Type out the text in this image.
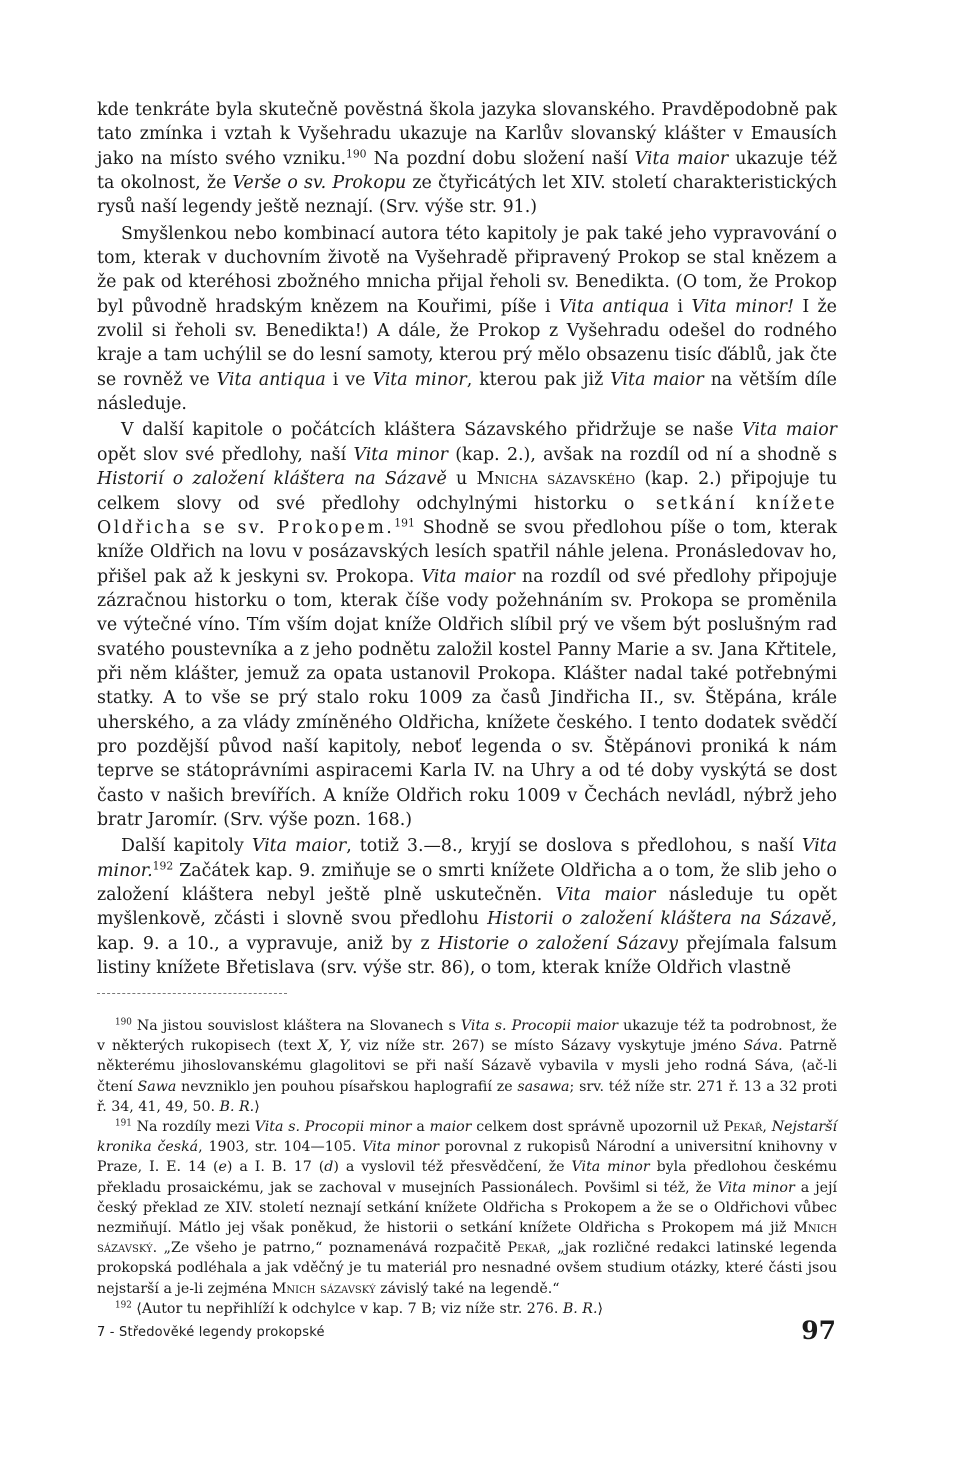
kde tenkráte byla skutečně pověstná škola jazyka slovanského. Pravděpodobně pak tato zmínka i vztah k Vyšehradu ukazuje na Karlův slovanský klášter v Emausích jako na místo svého vzniku.$^{190}$ Na pozdní dobu složení naší Vita maior ukazuje též ta okolnost, že Verše o sv. Prokopu ze čtyřicátých let XIV. století charakteristických rysů naší legendy ještě neznají. (Srv. výše str. 91.)

Smyšlenkou nebo kombinací autora této kapitoly je pak také jeho vypravování o tom, kterak v duchovním životě na Vyšehradě připravený Prokop se stal knězem a že pak od kteréhosi zbožného mnicha přijal řeholi sv. Benedikta. (O tom, že Prokop byl původně hradským knězem na Kouřimi, píše i Vita antiqua i Vita minor! I že zvolil si řeholi sv. Benedikta!) A dále, že Prokop z Vyšehradu odešel do rodného kraje a tam uchýlil se do lesní samoty, kterou prý mělo obsazenu tisíc ďáblů, jak čte se rovněž ve Vita antiqua i ve Vita minor, kterou pak již Vita maior na větším díle následuje.

V další kapitole o počátcích kláštera Sázavského přidržuje se naše Vita maior opět slov své předlohy, naší Vita minor (kap. 2.), avšak na rozdíl od ní a shodně s Historií o založení kláštera na Sázavě u Mnicha sázavského (kap. 2.) připojuje tu celkem slovy od své předlohy odchylnými historku o setkání knížete Oldřicha se sv. Prokopem.$^{191}$ Shodně se svou předlohou píše o tom, kterak kníže Oldřich na lovu v posázavských lesích spatřil náhle jelena. Pronásledovav ho, přišel pak až k jeskyni sv. Prokopa. Vita maior na rozdíl od své předlohy připojuje zázračnou historku o tom, kterak číše vody požehnáním sv. Prokopa se proměnila ve výtečné víno. Tím vším dojat kníže Oldřich slíbil prý ve všem být poslušným rad svatého poustevníka a z jeho podnětu založil kostel Panny Marie a sv. Jana Křtitele, při něm klášter, jemuž za opata ustanovil Prokopa. Klášter nadal také potřebnými statky. A to vše se prý stalo roku 1009 za časů Jindřicha II., sv. Štěpána, krále uherského, a za vlády zmíněného Oldřicha, knížete českého. I tento dodatek svědčí pro pozdější původ naší kapitoly, neboť legenda o sv. Štěpánovi proniká k nám teprve se státoprávními aspiracemi Karla IV. na Uhry a od té doby vyskýtá se dost často v našich brevířích. A kníže Oldřich roku 1009 v Čechách nevládl, nýbrž jeho bratr Jaromír. (Srv. výše pozn. 168.)

Další kapitoly Vita maior, totiž 3.—8., kryjí se doslova s předlohou, s naší Vita minor.$^{192}$ Začátek kap. 9. zmiňuje se o smrti knížete Oldřicha a o tom, že slib jeho o založení kláštera nebyl ještě plně uskutečněn. Vita maior následuje tu opět myšlenkově, zčásti i slovně svou předlohu Historii o založení kláštera na Sázavě, kap. 9. a 10., a vypravuje, aniž by z Historie o založení Sázavy přejímala falsum listiny knížete Břetislava (srv. výše str. 86), o tom, kterak kníže Oldřich vlastně

$^{190}$ Na jistou souvislost kláštera na Slovanech s Vita s. Procopii maior ukazuje též ta podrobnost, že v některých rukopisech (text X, Y, viz níže str. 267) se místo Sázavy vyskytuje jméno Sáva. Patrně některému jihoslovanskému glagolitovi se při naší Sázavě vybavila v mysli jeho rodná Sáva, ⟨ač-li čtení Sawa nevzniklo jen pouhou písařskou haplografií ze sasawa; srv. též níže str. 271 ř. 13 a 32 proti ř. 34, 41, 49, 50. B. R.⟩

$^{191}$ Na rozdíly mezi Vita s. Procopii minor a maior celkem dost správně upozornil už Pekař, Nejstarší kronika česká, 1903, str. 104—105. Vita minor porovnal z rukopisů Národní a universitní knihovny v Praze, I. E. 14 (e) a I. B. 17 (d) a vyslovil též přesvědčení, že Vita minor byla předlohou českému překladu prosaickému, jak se zachoval v musejních Passionálech. Povšiml si též, že Vita minor a její český překlad ze XIV. století neznají setkání knížete Oldřicha s Prokopem a že se o Oldřichovi vůbec nezmiňují. Mátlo jej však poněkud, že historii o setkání knížete Oldřicha s Prokopem má již Mnich sázavský. „Ze všeho je patrno,“ poznamenává rozpačitě Pekař, „jak rozličné redakci latinské legenda prokopská podléhala a jak vděčný je tu materiál pro nesnadné ovšem studium otázky, které části jsou nejstarší a je-li zejména Mnich sázavský závislý také na legendě.“

$^{192}$ ⟨Autor tu nepřihlíží k odchylce v kap. 7 B; viz níže str. 276. B. R.⟩

7 - Středověké legendy prokopské	97
